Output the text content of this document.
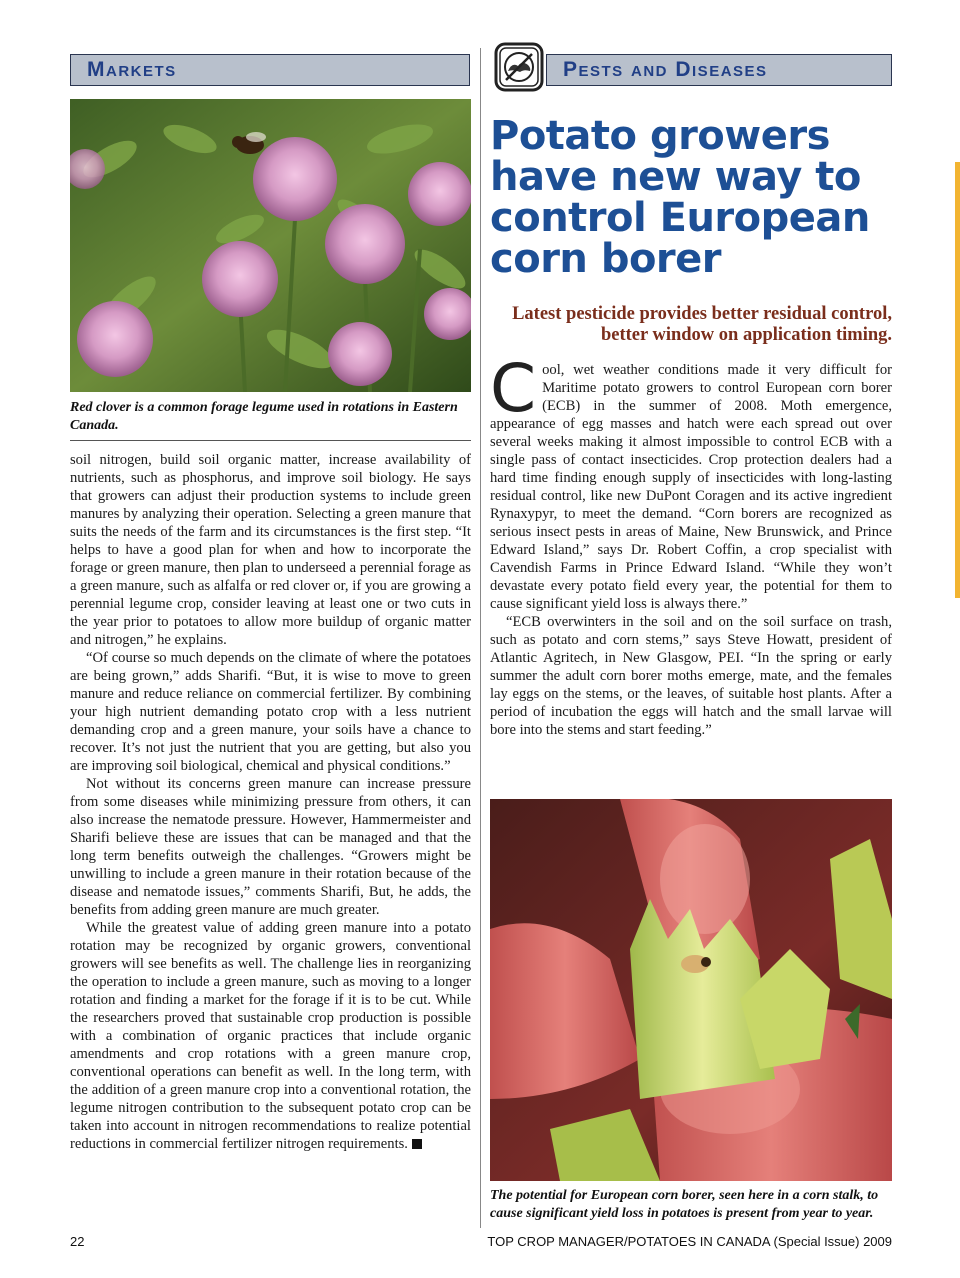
Markets	Pests and Diseases
Red clover is a common forage legume used in rotations in Eastern Canada.

soil nitrogen, build soil organic matter, increase availability of nutrients, such as phosphorus, and improve soil biology. He says that growers can adjust their production systems to include green manures by analyzing their operation. Selecting a green manure that suits the needs of the farm and its circumstances is the first step. “It helps to have a good plan for when and how to incorporate the forage or green manure, then plan to underseed a perennial forage as a green manure, such as alfalfa or red clover or, if you are growing a perennial legume crop, consider leaving at least one or two cuts in the year prior to potatoes to allow more buildup of organic matter and nitrogen,” he explains.

“Of course so much depends on the climate of where the potatoes are being grown,” adds Sharifi. “But, it is wise to move to green manure and reduce reliance on commercial fertilizer. By combining your high nutrient demanding potato crop with a less nutrient demanding crop and a green manure, your soils have a chance to recover. It’s not just the nutrient that you are getting, but also you are improving soil biological, chemical and physical conditions.”

Not without its concerns green manure can increase pressure from some diseases while minimizing pressure from others, it can also increase the nematode pressure. However, Hammermeister and Sharifi believe these are issues that can be managed and that the long term benefits outweigh the challenges. “Growers might be unwilling to include a green manure in their rotation because of the disease and nematode issues,” comments Sharifi, But, he adds, the benefits from adding green manure are much greater.

While the greatest value of adding green manure into a potato rotation may be recognized by organic growers, conventional growers will see benefits as well. The challenge lies in reorganizing the operation to include a green manure, such as moving to a longer rotation and finding a market for the forage if it is to be cut. While the researchers proved that sustainable crop production is possible with a combination of organic practices that include organic amendments and crop rotations with a green manure crop, conventional operations can benefit as well. In the long term, with the addition of a green manure crop into a conventional rotation, the legume nitrogen contribution to the subsequent potato crop can be taken into account in nitrogen recommendations to realize potential reductions in commercial fertilizer nitrogen requirements.

Potato growers have new way to control European corn borer
Latest pesticide provides better residual control, better window on application timing.

Cool, wet weather conditions made it very difficult for Maritime potato growers to control European corn borer (ECB) in the summer of 2008. Moth emergence, appearance of egg masses and hatch were each spread out over several weeks making it almost impossible to control ECB with a single pass of contact insecticides. Crop protection dealers had a hard time finding enough supply of insecticides with long-lasting residual control, like new DuPont Coragen and its active ingredient Rynaxypyr, to meet the demand. “Corn borers are recognized as serious insect pests in areas of Maine, New Brunswick, and Prince Edward Island,” says Dr. Robert Coffin, a crop specialist with Cavendish Farms in Prince Edward Island. “While they won’t devastate every potato field every year, the potential for them to cause significant yield loss is always there.”

“ECB overwinters in the soil and on the soil surface on trash, such as potato and corn stems,” says Steve Howatt, president of Atlantic Agritech, in New Glasgow, PEI. “In the spring or early summer the adult corn borer moths emerge, mate, and the females lay eggs on the stems, or the leaves, of suitable host plants. After a period of incubation the eggs will hatch and the small larvae will bore into the stems and start feeding.”

The potential for European corn borer, seen here in a corn stalk, to cause significant yield loss in potatoes is present from year to year.
22	TOP CROP MANAGER/POTATOES IN CANADA (Special Issue) 2009
